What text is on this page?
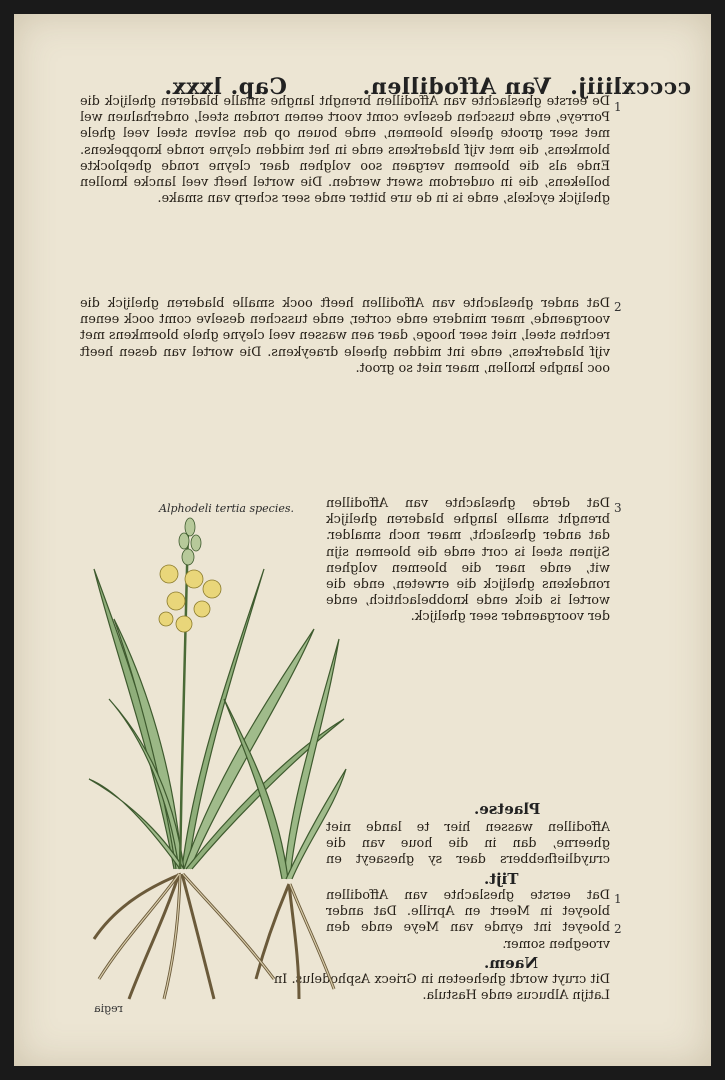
ccccxliiij.
Van Affodillen.
Cap. lxxx.
1
De eerste gheslachte van Affodillen brenght langhe smalle bladeren ghelijck die Porreye, ende tusschen deselve comt voort eenen ronden steel, onderhaluen wel met seer groote gheele bloemen, ende bouen op den selven steel veel ghele blomkens, die met vijf bladerkens ende in het midden cleyne ronde knoppekens. Ende als die bloemen vergaen soo volghen daer cleyne ronde gheplockte bollekens, die in ouderdom swert werden. Die wortel heeft veel lancke knollen ghelijck eyckels, ende is in de ure bitter ende seer scherp van smake.
2
Dat ander gheslachte van Affodillen heeft oock smalle bladeren ghelijck die voorgaende, maer mindere ende corter, ende tusschen deselve comt oock eenen rechten steel, niet seer hooge, daer aen wassen veel cleyne ghele bloemkens met vijf bladerkens, ende int midden gheele draeykens. Die wortel van desen heeft ooc langhe knollen, maer niet so groot.
Alphodeli tertia species.	3
Dat derde gheslachte van Affodillen brenght smalle langhe bladeren ghelijck dat ander gheslacht, maer noch smalder. Sijnen steel is cort ende die bloemen sijn wit, ende naer die bloemen volghen rondekens ghelijck die erweten, ende die wortel is dick ende knobbelachtich, ende der voorgaender seer ghelijck.
Plaetse.
Affodillen wassen hier te lande niet gheerne, dan in die houe van die cruydliefhebbers daer sy ghesaeyt en
Tijt.
1
2
Dat eerste gheslachte van Affodillen bloeyet in Meert en Aprille. Dat ander bloeyet int eynde van Meye ende den vroeghen somer.
Naem.
Dit cruyt wordt gheheeten in Griecx Asphodelus. In Latijn Albucus ende Hastula.
regia
